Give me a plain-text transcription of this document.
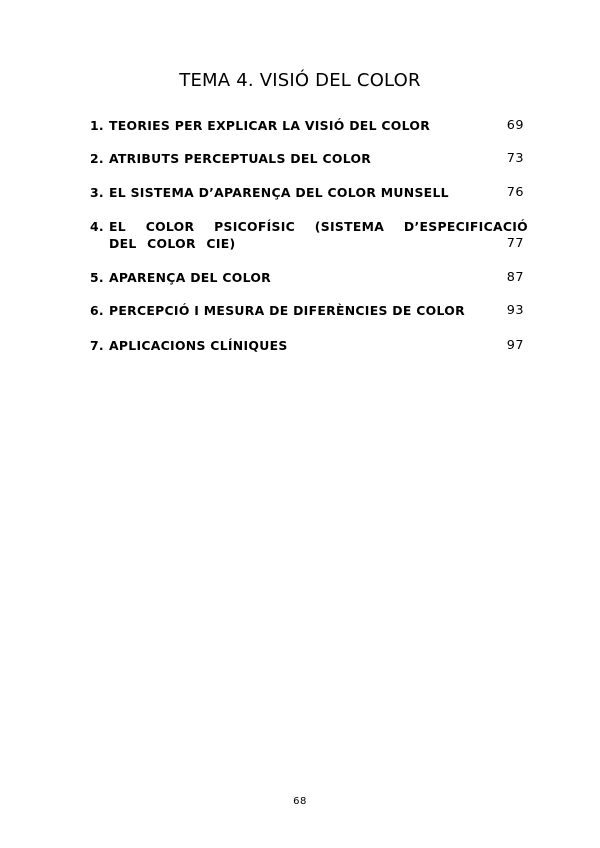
TEMA 4. VISIÓ DEL COLOR
1. TEORIES PER EXPLICAR LA VISIÓ DEL COLOR	69
2. ATRIBUTS PERCEPTUALS DEL COLOR	73
3. EL SISTEMA D’APARENÇA DEL COLOR MUNSELL	76
4. EL COLOR PSICOFÍSIC (SISTEMA D’ESPECIFICACIÓ DEL COLOR CIE)	77
5. APARENÇA DEL COLOR	87
6. PERCEPCIÓ I MESURA DE DIFERÈNCIES DE COLOR	93
7. APLICACIONS CLÍNIQUES	97
68
